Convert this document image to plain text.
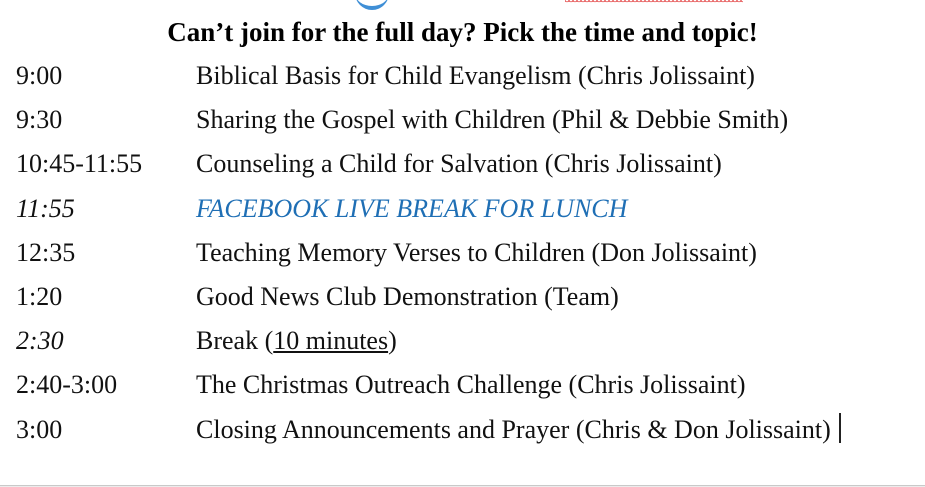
Can’t join for the full day? Pick the time and topic!
9:00	Biblical Basis for Child Evangelism (Chris Jolissaint)
9:30	Sharing the Gospel with Children (Phil & Debbie Smith)
10:45-11:55 Counseling a Child for Salvation (Chris Jolissaint)
11:55	FACEBOOK LIVE BREAK FOR LUNCH
12:35	Teaching Memory Verses to Children (Don Jolissaint)
1:20	Good News Club Demonstration (Team)
2:30	Break (10 minutes)
2:40-3:00	The Christmas Outreach Challenge (Chris Jolissaint)
3:00	Closing Announcements and Prayer (Chris & Don Jolissaint)
